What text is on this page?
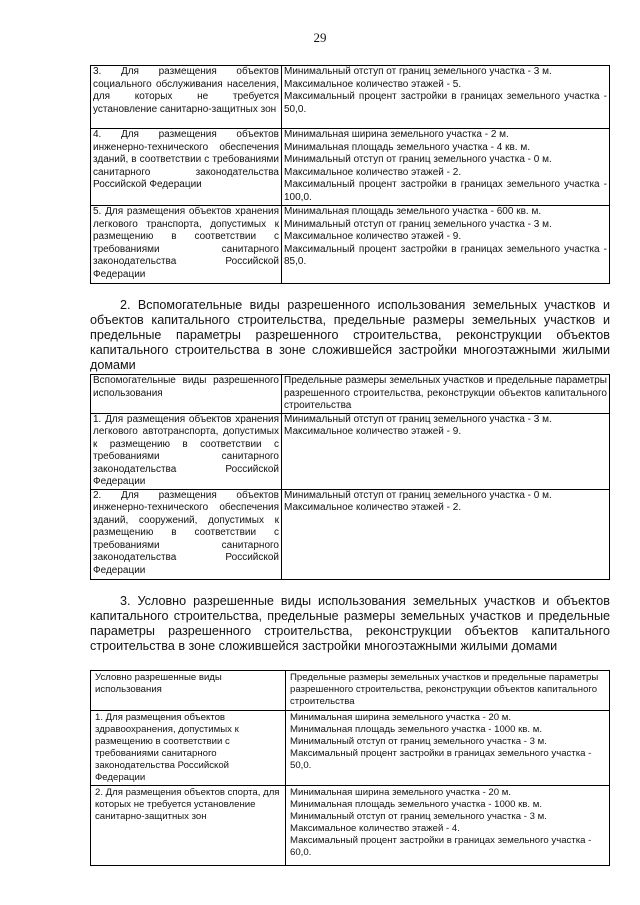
29
3. Для размещения объектов социального обслуживания населения, для которых не требуется установление санитарно-защитных зон	Минимальный отступ от границ земельного участка - 3 м.
Максимальное количество этажей - 5.
Максимальный процент застройки в границах земельного участка - 50,0.

4. Для размещения объектов инженерно-технического обеспечения зданий, в соответствии с требованиями санитарного законодательства Российской Федерации	Минимальная ширина земельного участка - 2 м.
Минимальная площадь земельного участка - 4 кв. м.
Минимальный отступ от границ земельного участка - 0 м.
Максимальное количество этажей - 2.
Максимальный процент застройки в границах земельного участка - 100,0.

5. Для размещения объектов хранения легкового транспорта, допустимых к размещению в соответствии с требованиями санитарного законодательства Российской Федерации	Минимальная площадь земельного участка - 600 кв. м.
Минимальный отступ от границ земельного участка - 3 м.
Максимальное количество этажей - 9.
Максимальный процент застройки в границах земельного участка - 85,0.
2. Вспомогательные виды разрешенного использования земельных участков и объектов капитального строительства, предельные размеры земельных участков и предельные параметры разрешенного строительства, реконструкции объектов капитального строительства в зоне сложившейся застройки многоэтажными жилыми домами
Вспомогательные виды разрешенного использования	Предельные размеры земельных участков и предельные параметры разрешенного строительства, реконструкции объектов капитального строительства

1. Для размещения объектов хранения легкового автотранспорта, допустимых к размещению в соответствии с требованиями санитарного законодательства Российской Федерации	Минимальный отступ от границ земельного участка - 3 м.
Максимальное количество этажей - 9.

2. Для размещения объектов инженерно-технического обеспечения зданий, сооружений, допустимых к размещению в соответствии с требованиями санитарного законодательства Российской Федерации	Минимальный отступ от границ земельного участка - 0 м.
Максимальное количество этажей - 2.
3. Условно разрешенные виды использования земельных участков и объектов капитального строительства, предельные размеры земельных участков и предельные параметры разрешенного строительства, реконструкции объектов капитального строительства в зоне сложившейся застройки многоэтажными жилыми домами
Условно разрешенные виды использования	Предельные размеры земельных участков и предельные параметры разрешенного строительства, реконструкции объектов капитального строительства

1. Для размещения объектов здравоохранения, допустимых к размещению в соответствии с требованиями санитарного законодательства Российской Федерации	Минимальная ширина земельного участка - 20 м.
Минимальная площадь земельного участка - 1000 кв. м.
Минимальный отступ от границ земельного участка - 3 м.
Максимальный процент застройки в границах земельного участка - 50,0.

2. Для размещения объектов спорта, для которых не требуется установление санитарно-защитных зон	Минимальная ширина земельного участка - 20 м.
Минимальная площадь земельного участка - 1000 кв. м.
Минимальный отступ от границ земельного участка - 3 м.
Максимальное количество этажей - 4.
Максимальный процент застройки в границах земельного участка - 60,0.
